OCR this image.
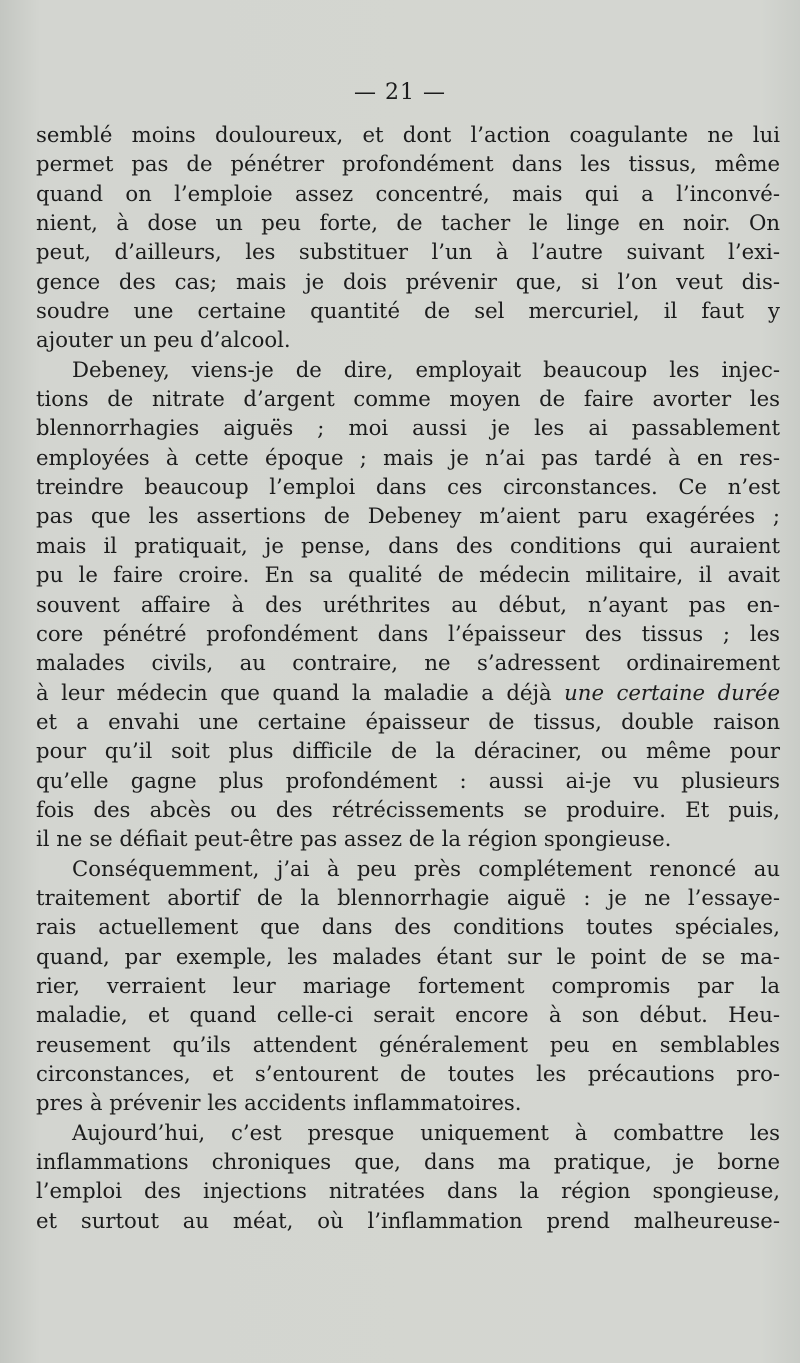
— 21 —
semblé moins douloureux, et dont l’action coagulante ne lui
permet pas de pénétrer profondément dans les tissus, même
quand on l’emploie assez concentré, mais qui a l’inconvé-
nient, à dose un peu forte, de tacher le linge en noir. On
peut, d’ailleurs, les substituer l’un à l’autre suivant l’exi-
gence des cas; mais je dois prévenir que, si l’on veut dis-
soudre une certaine quantité de sel mercuriel, il faut y
ajouter un peu d’alcool.
Debeney, viens-je de dire, employait beaucoup les injec-
tions de nitrate d’argent comme moyen de faire avorter les
blennorrhagies aiguës ; moi aussi je les ai passablement
employées à cette époque ; mais je n’ai pas tardé à en res-
treindre beaucoup l’emploi dans ces circonstances. Ce n’est
pas que les assertions de Debeney m’aient paru exagérées ;
mais il pratiquait, je pense, dans des conditions qui auraient
pu le faire croire. En sa qualité de médecin militaire, il avait
souvent affaire à des uréthrites au début, n’ayant pas en-
core pénétré profondément dans l’épaisseur des tissus ; les
malades civils, au contraire, ne s’adressent ordinairement
à leur médecin que quand la maladie a déjà une certaine durée
et a envahi une certaine épaisseur de tissus, double raison
pour qu’il soit plus difficile de la déraciner, ou même pour
qu’elle gagne plus profondément : aussi ai-je vu plusieurs
fois des abcès ou des rétrécissements se produire. Et puis,
il ne se défiait peut-être pas assez de la région spongieuse.
Conséquemment, j’ai à peu près complétement renoncé au
traitement abortif de la blennorrhagie aiguë : je ne l’essaye-
rais actuellement que dans des conditions toutes spéciales,
quand, par exemple, les malades étant sur le point de se ma-
rier, verraient leur mariage fortement compromis par la
maladie, et quand celle-ci serait encore à son début. Heu-
reusement qu’ils attendent généralement peu en semblables
circonstances, et s’entourent de toutes les précautions pro-
pres à prévenir les accidents inflammatoires.
Aujourd’hui, c’est presque uniquement à combattre les
inflammations chroniques que, dans ma pratique, je borne
l’emploi des injections nitratées dans la région spongieuse,
et surtout au méat, où l’inflammation prend malheureuse-
